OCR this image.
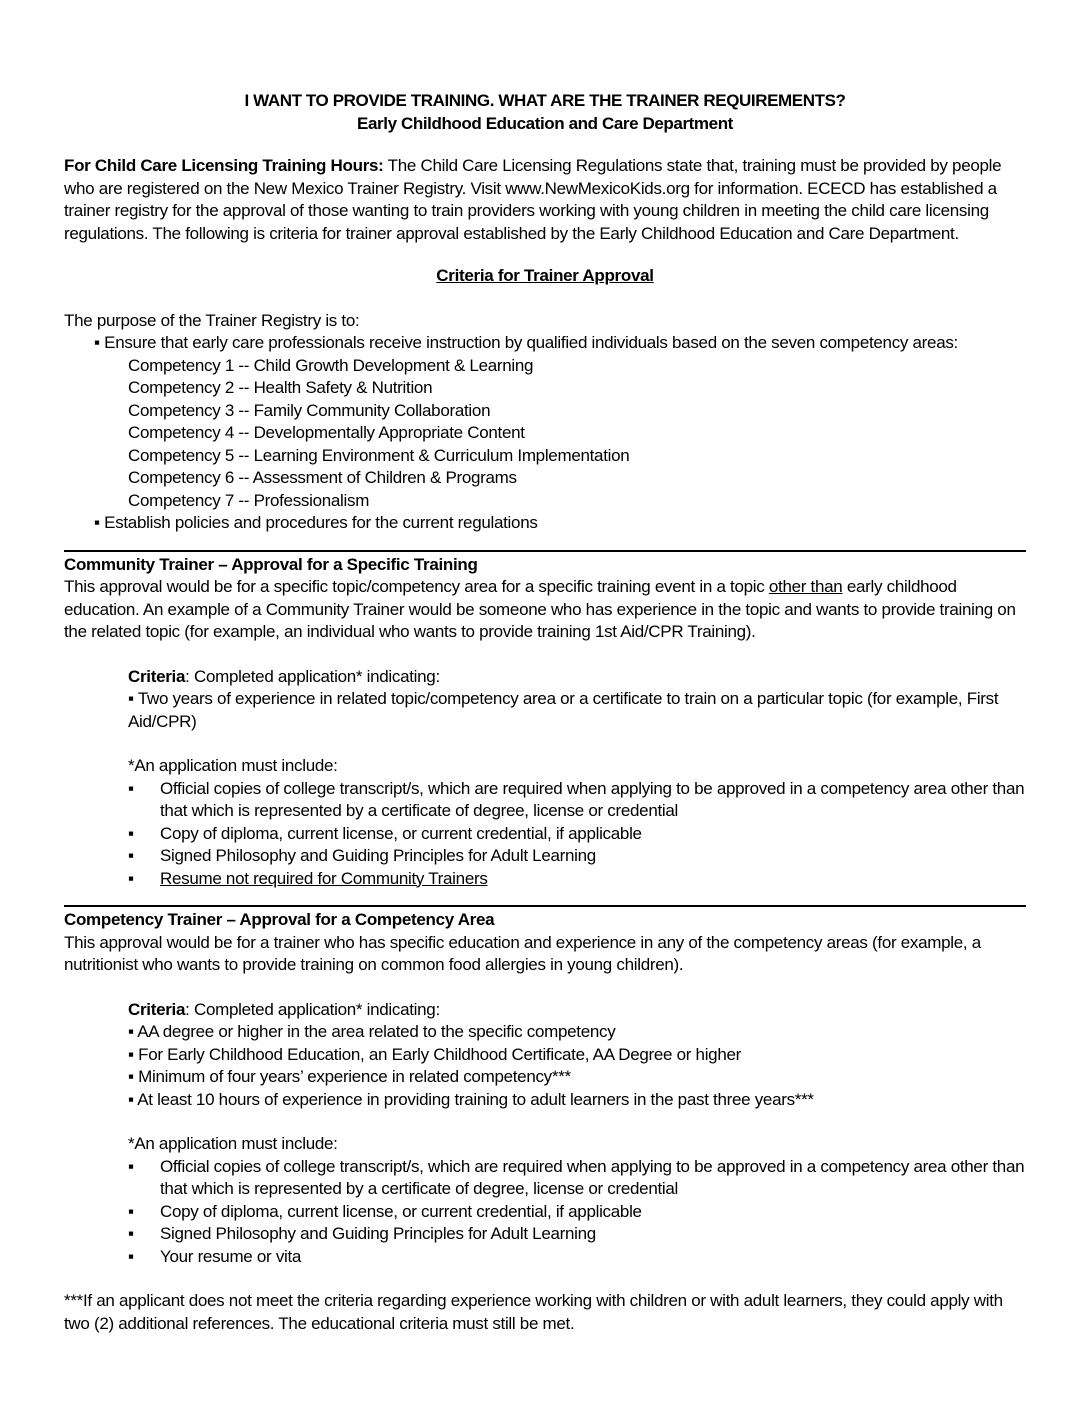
I WANT TO PROVIDE TRAINING. WHAT ARE THE TRAINER REQUIREMENTS?
Early Childhood Education and Care Department
For Child Care Licensing Training Hours: The Child Care Licensing Regulations state that, training must be provided by people who are registered on the New Mexico Trainer Registry. Visit www.NewMexicoKids.org for information. ECECD has established a trainer registry for the approval of those wanting to train providers working with young children in meeting the child care licensing regulations. The following is criteria for trainer approval established by the Early Childhood Education and Care Department.
Criteria for Trainer Approval
The purpose of the Trainer Registry is to:
▪ Ensure that early care professionals receive instruction by qualified individuals based on the seven competency areas:
Competency 1 -- Child Growth Development & Learning
Competency 2 -- Health Safety & Nutrition
Competency 3 -- Family Community Collaboration
Competency 4 -- Developmentally Appropriate Content
Competency 5 -- Learning Environment & Curriculum Implementation
Competency 6 -- Assessment of Children & Programs
Competency 7 -- Professionalism
▪ Establish policies and procedures for the current regulations
Community Trainer – Approval for a Specific Training
This approval would be for a specific topic/competency area for a specific training event in a topic other than early childhood education. An example of a Community Trainer would be someone who has experience in the topic and wants to provide training on the related topic (for example, an individual who wants to provide training 1st Aid/CPR Training).
Criteria: Completed application* indicating:
▪ Two years of experience in related topic/competency area or a certificate to train on a particular topic (for example, First Aid/CPR)
*An application must include:
▪	Official copies of college transcript/s, which are required when applying to be approved in a competency area other than that which is represented by a certificate of degree, license or credential
▪	Copy of diploma, current license, or current credential, if applicable
▪	Signed Philosophy and Guiding Principles for Adult Learning
▪	Resume not required for Community Trainers
Competency Trainer – Approval for a Competency Area
This approval would be for a trainer who has specific education and experience in any of the competency areas (for example, a nutritionist who wants to provide training on common food allergies in young children).
Criteria: Completed application* indicating:
▪ AA degree or higher in the area related to the specific competency
▪ For Early Childhood Education, an Early Childhood Certificate, AA Degree or higher
▪ Minimum of four years’ experience in related competency***
▪ At least 10 hours of experience in providing training to adult learners in the past three years***
*An application must include:
▪	Official copies of college transcript/s, which are required when applying to be approved in a competency area other than that which is represented by a certificate of degree, license or credential
▪	Copy of diploma, current license, or current credential, if applicable
▪	Signed Philosophy and Guiding Principles for Adult Learning
▪	Your resume or vita
***If an applicant does not meet the criteria regarding experience working with children or with adult learners, they could apply with two (2) additional references. The educational criteria must still be met.
